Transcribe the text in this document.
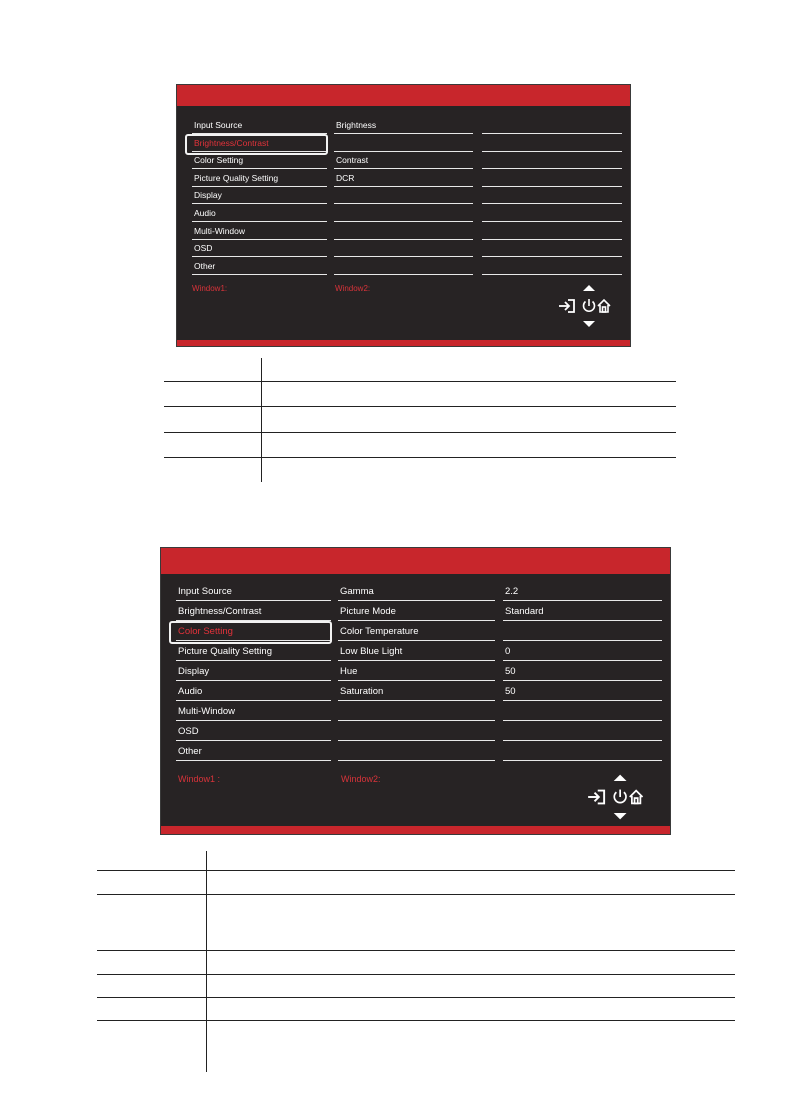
Input Source
Brightness/Contrast
Color Setting
Picture Quality Setting
Display
Audio
Multi-Window
OSD
Other
Brightness
Contrast
DCR
Window1:	Window2:
Input Source
Brightness/Contrast
Color Setting
Picture Quality Setting
Display
Audio
Multi-Window
OSD
Other
Gamma
Picture Mode
Color Temperature
Low Blue Light
Hue
Saturation
2.2
Standard
0
50
50
Window1 :	Window2:
